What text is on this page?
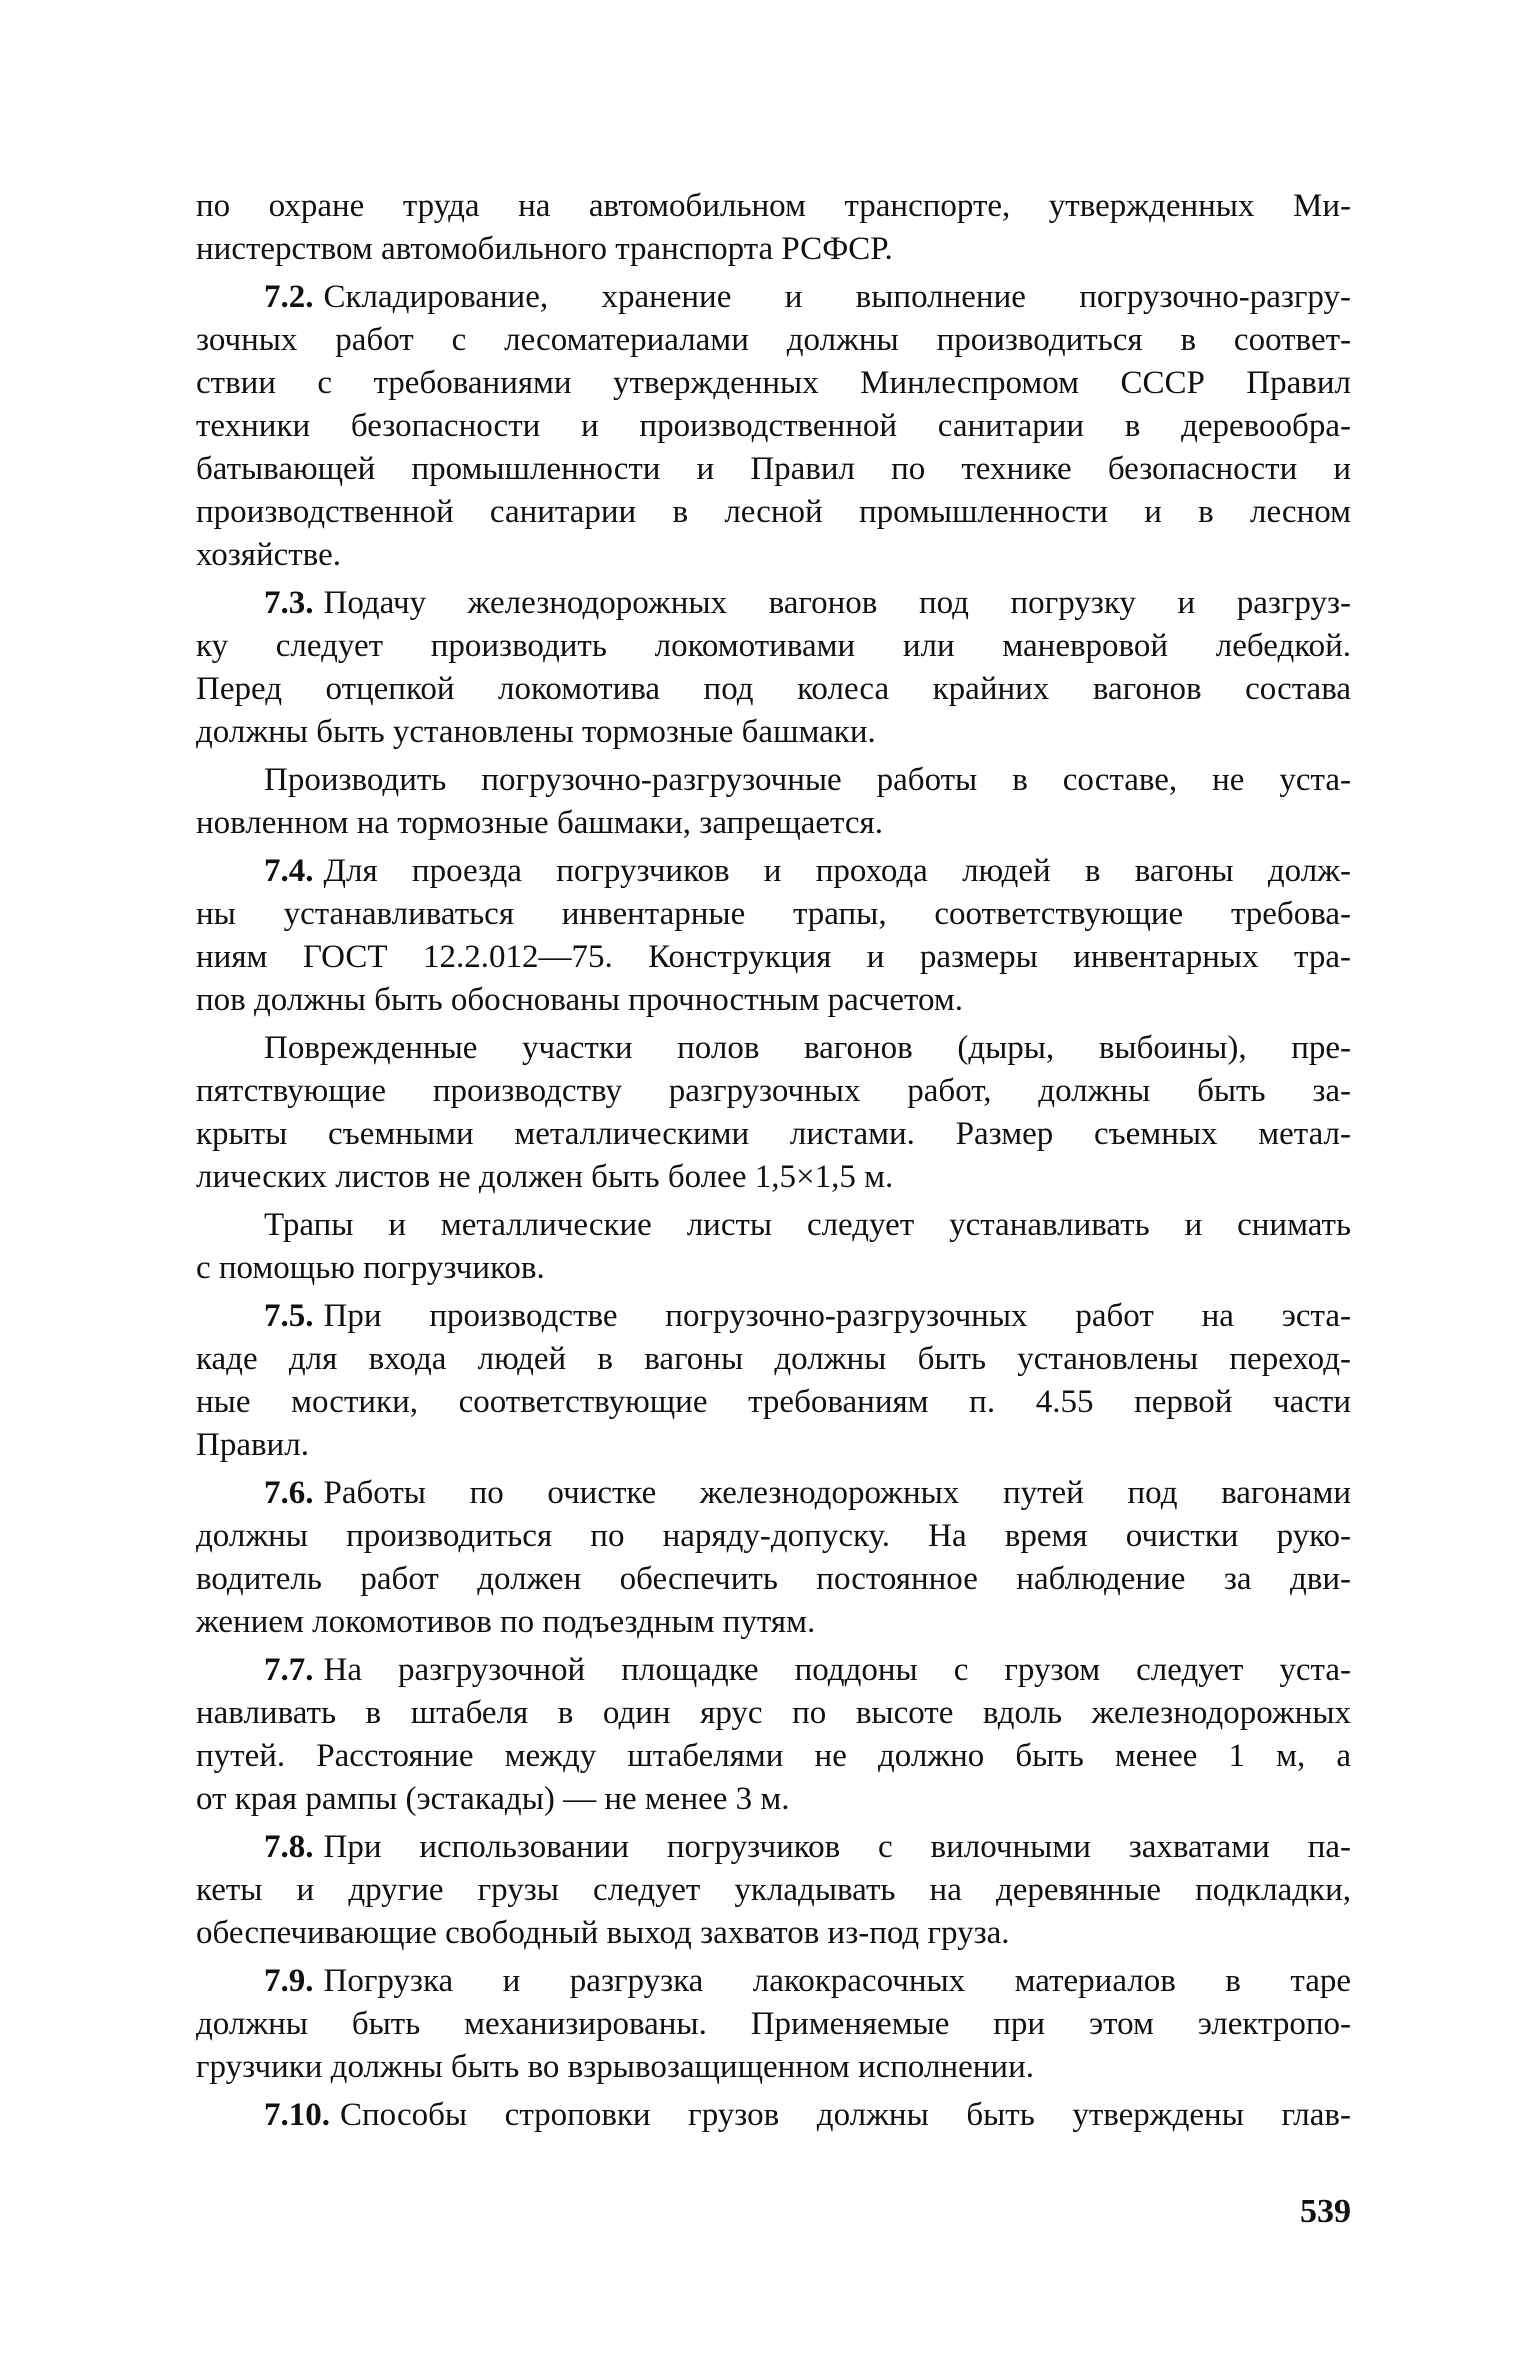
по охране труда на автомобильном транспорте, утвержденных Ми-
нистерством автомобильного транспорта РСФСР.
7.2. Складирование, хранение и выполнение погрузочно-разгру-
зочных работ с лесоматериалами должны производиться в соответ-
ствии с требованиями утвержденных Минлеспромом СССР Правил
техники безопасности и производственной санитарии в деревообра-
батывающей промышленности и Правил по технике безопасности и
производственной санитарии в лесной промышленности и в лесном
хозяйстве.
7.3. Подачу железнодорожных вагонов под погрузку и разгруз-
ку следует производить локомотивами или маневровой лебедкой.
Перед отцепкой локомотива под колеса крайних вагонов состава
должны быть установлены тормозные башмаки.
Производить погрузочно-разгрузочные работы в составе, не уста-
новленном на тормозные башмаки, запрещается.
7.4. Для проезда погрузчиков и прохода людей в вагоны долж-
ны устанавливаться инвентарные трапы, соответствующие требова-
ниям ГОСТ 12.2.012—75. Конструкция и размеры инвентарных тра-
пов должны быть обоснованы прочностным расчетом.
Поврежденные участки полов вагонов (дыры, выбоины), пре-
пятствующие производству разгрузочных работ, должны быть за-
крыты съемными металлическими листами. Размер съемных метал-
лических листов не должен быть более 1,5×1,5 м.
Трапы и металлические листы следует устанавливать и снимать
с помощью погрузчиков.
7.5. При производстве погрузочно-разгрузочных работ на эста-
каде для входа людей в вагоны должны быть установлены переход-
ные мостики, соответствующие требованиям п. 4.55 первой части
Правил.
7.6. Работы по очистке железнодорожных путей под вагонами
должны производиться по наряду-допуску. На время очистки руко-
водитель работ должен обеспечить постоянное наблюдение за дви-
жением локомотивов по подъездным путям.
7.7. На разгрузочной площадке поддоны с грузом следует уста-
навливать в штабеля в один ярус по высоте вдоль железнодорожных
путей. Расстояние между штабелями не должно быть менее 1 м, а
от края рампы (эстакады) — не менее 3 м.
7.8. При использовании погрузчиков с вилочными захватами па-
кеты и другие грузы следует укладывать на деревянные подкладки,
обеспечивающие свободный выход захватов из-под груза.
7.9. Погрузка и разгрузка лакокрасочных материалов в таре
должны быть механизированы. Применяемые при этом электропо-
грузчики должны быть во взрывозащищенном исполнении.
7.10. Способы строповки грузов должны быть утверждены глав-
539
